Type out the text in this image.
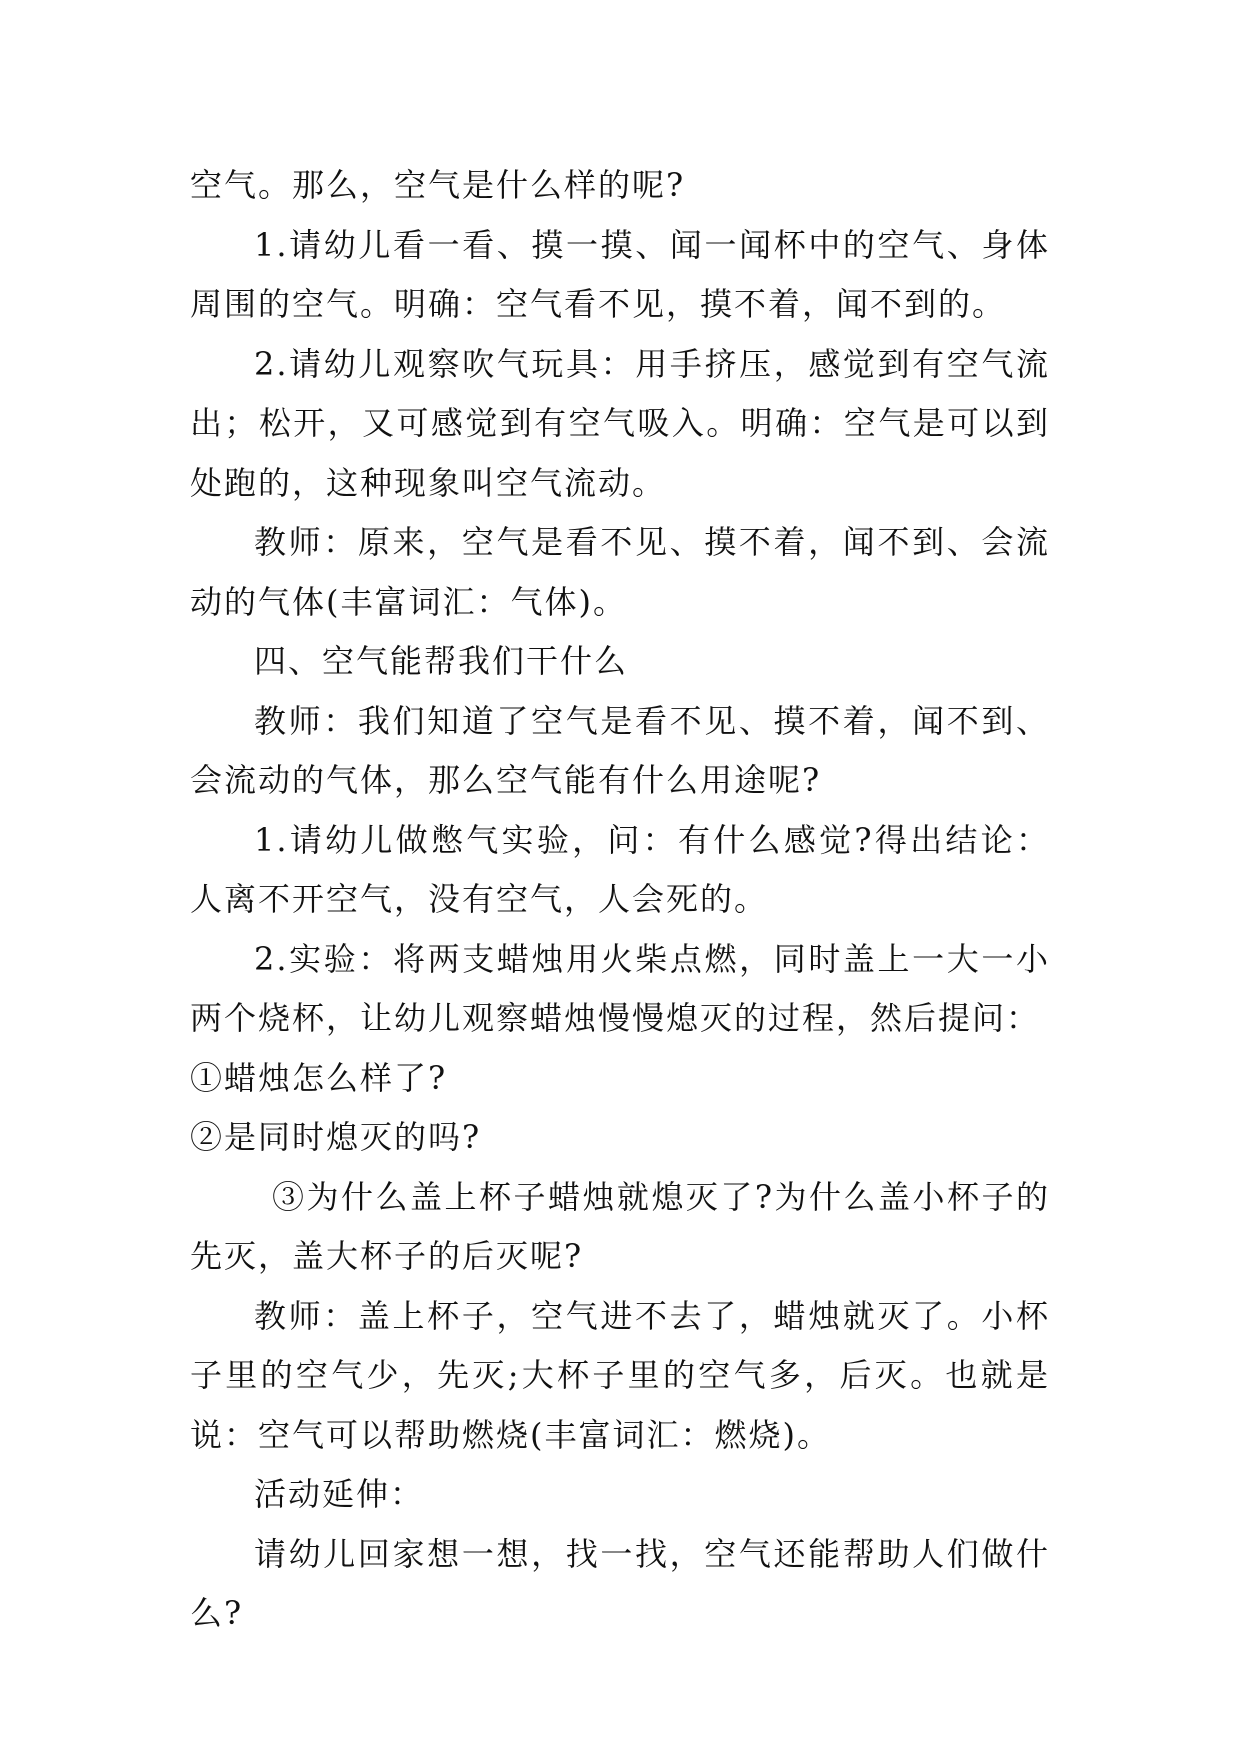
空气。那么，空气是什么样的呢?

1.请幼儿看一看、摸一摸、闻一闻杯中的空气、身体周围的空气。明确：空气看不见，摸不着，闻不到的。

2.请幼儿观察吹气玩具：用手挤压，感觉到有空气流出；松开，又可感觉到有空气吸入。明确：空气是可以到处跑的，这种现象叫空气流动。

教师：原来，空气是看不见、摸不着，闻不到、会流动的气体(丰富词汇：气体)。

四、空气能帮我们干什么

教师：我们知道了空气是看不见、摸不着，闻不到、会流动的气体，那么空气能有什么用途呢?

1.请幼儿做憋气实验，问：有什么感觉?得出结论：人离不开空气，没有空气，人会死的。

2.实验：将两支蜡烛用火柴点燃，同时盖上一大一小两个烧杯，让幼儿观察蜡烛慢慢熄灭的过程，然后提问：

①蜡烛怎么样了?

②是同时熄灭的吗?

③为什么盖上杯子蜡烛就熄灭了?为什么盖小杯子的先灭，盖大杯子的后灭呢?

教师：盖上杯子，空气进不去了，蜡烛就灭了。小杯子里的空气少，先灭;大杯子里的空气多，后灭。也就是说：空气可以帮助燃烧(丰富词汇：燃烧)。

活动延伸：

请幼儿回家想一想，找一找，空气还能帮助人们做什么?
